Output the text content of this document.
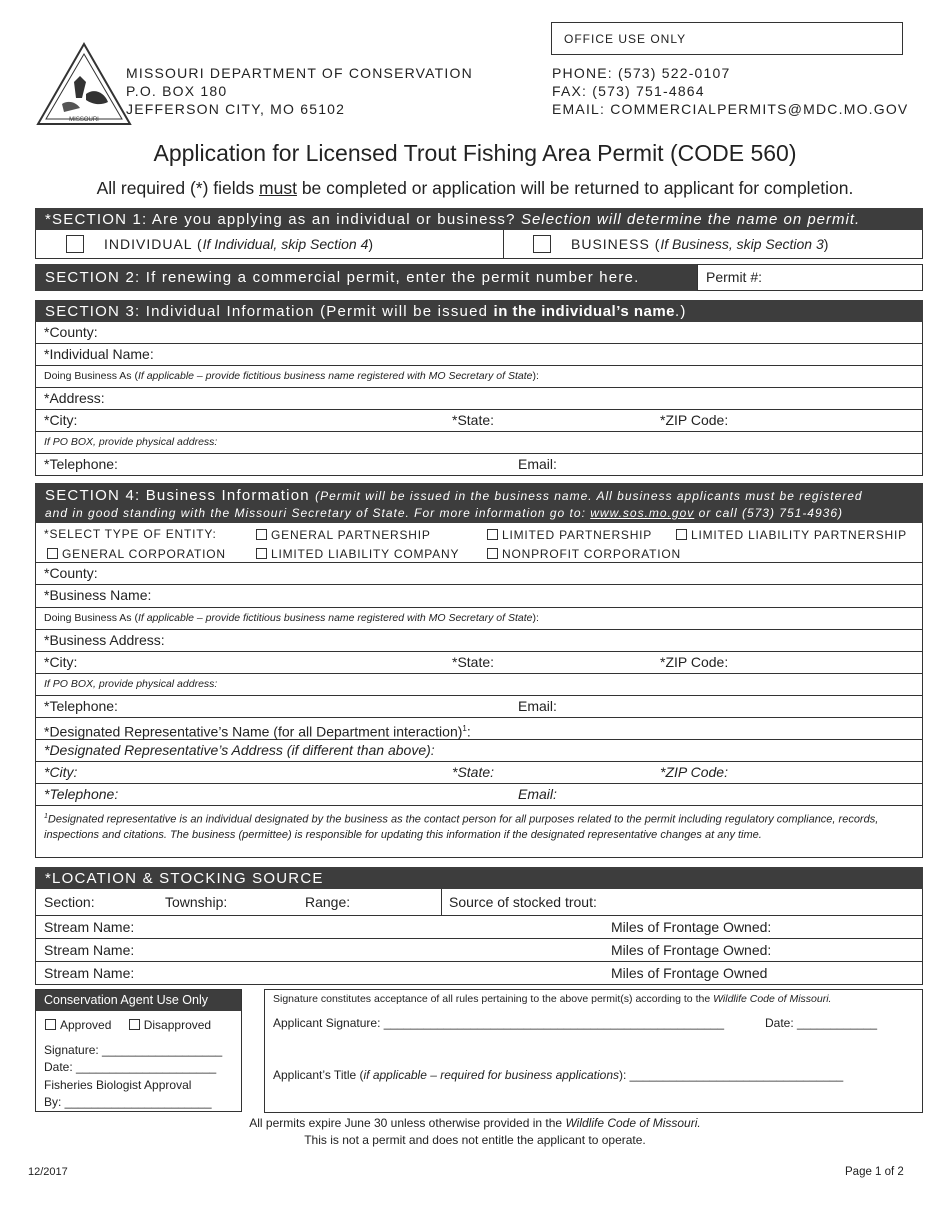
MISSOURI
MISSOURI DEPARTMENT OF CONSERVATION
P.O. BOX 180
JEFFERSON CITY, MO 65102
OFFICE USE ONLY
PHONE: (573) 522-0107
FAX: (573) 751-4864
EMAIL: COMMERCIALPERMITS@MDC.MO.GOV
Application for Licensed Trout Fishing Area Permit (CODE 560)
All required (*) fields must be completed or application will be returned to applicant for completion.
*SECTION 1: Are you applying as an individual or business? Selection will determine the name on permit.
INDIVIDUAL (If Individual, skip Section 4)	BUSINESS (If Business, skip Section 3)
SECTION 2: If renewing a commercial permit, enter the permit number here.	Permit #:
SECTION 3: Individual Information (Permit will be issued in the individual’s name.)
*County:
*Individual Name:
Doing Business As (If applicable – provide fictitious business name registered with MO Secretary of State):
*Address:
*City:	*State:	*ZIP Code:
If PO BOX, provide physical address:
*Telephone:	Email:
SECTION 4: Business Information (Permit will be issued in the business name. All business applicants must be registered
and in good standing with the Missouri Secretary of State. For more information go to: www.sos.mo.gov or call (573) 751-4936)
*SELECT TYPE OF ENTITY:	GENERAL PARTNERSHIP	LIMITED PARTNERSHIP	LIMITED LIABILITY PARTNERSHIP
GENERAL CORPORATION	LIMITED LIABILITY COMPANY	NONPROFIT CORPORATION
*County:
*Business Name:
Doing Business As (If applicable – provide fictitious business name registered with MO Secretary of State):
*Business Address:
*City:	*State:	*ZIP Code:
If PO BOX, provide physical address:
*Telephone:	Email:
*Designated Representative’s Name (for all Department interaction)$^1$:
*Designated Representative’s Address (if different than above):
*City:	*State:	*ZIP Code:
*Telephone:	Email:
$^1$Designated representative is an individual designated by the business as the contact person for all purposes related to the permit including regulatory compliance, records, inspections and citations. The business (permittee) is responsible for updating this information if the designated representative changes at any time.
*LOCATION & STOCKING SOURCE
Section:	Township:	Range:	Source of stocked trout:
Stream Name:	Miles of Frontage Owned:
Stream Name:	Miles of Frontage Owned:
Stream Name:	Miles of Frontage Owned
Conservation Agent Use Only
Approved	Disapproved
Signature: __________________
Date: _____________________
Fisheries Biologist Approval
By: ______________________
Signature constitutes acceptance of all rules pertaining to the above permit(s) according to the Wildlife Code of Missouri.
Applicant Signature: ___________________________________________________	Date: ____________
Applicant’s Title (if applicable – required for business applications): ________________________________
All permits expire June 30 unless otherwise provided in the Wildlife Code of Missouri.
This is not a permit and does not entitle the applicant to operate.
12/2017	Page 1 of 2
